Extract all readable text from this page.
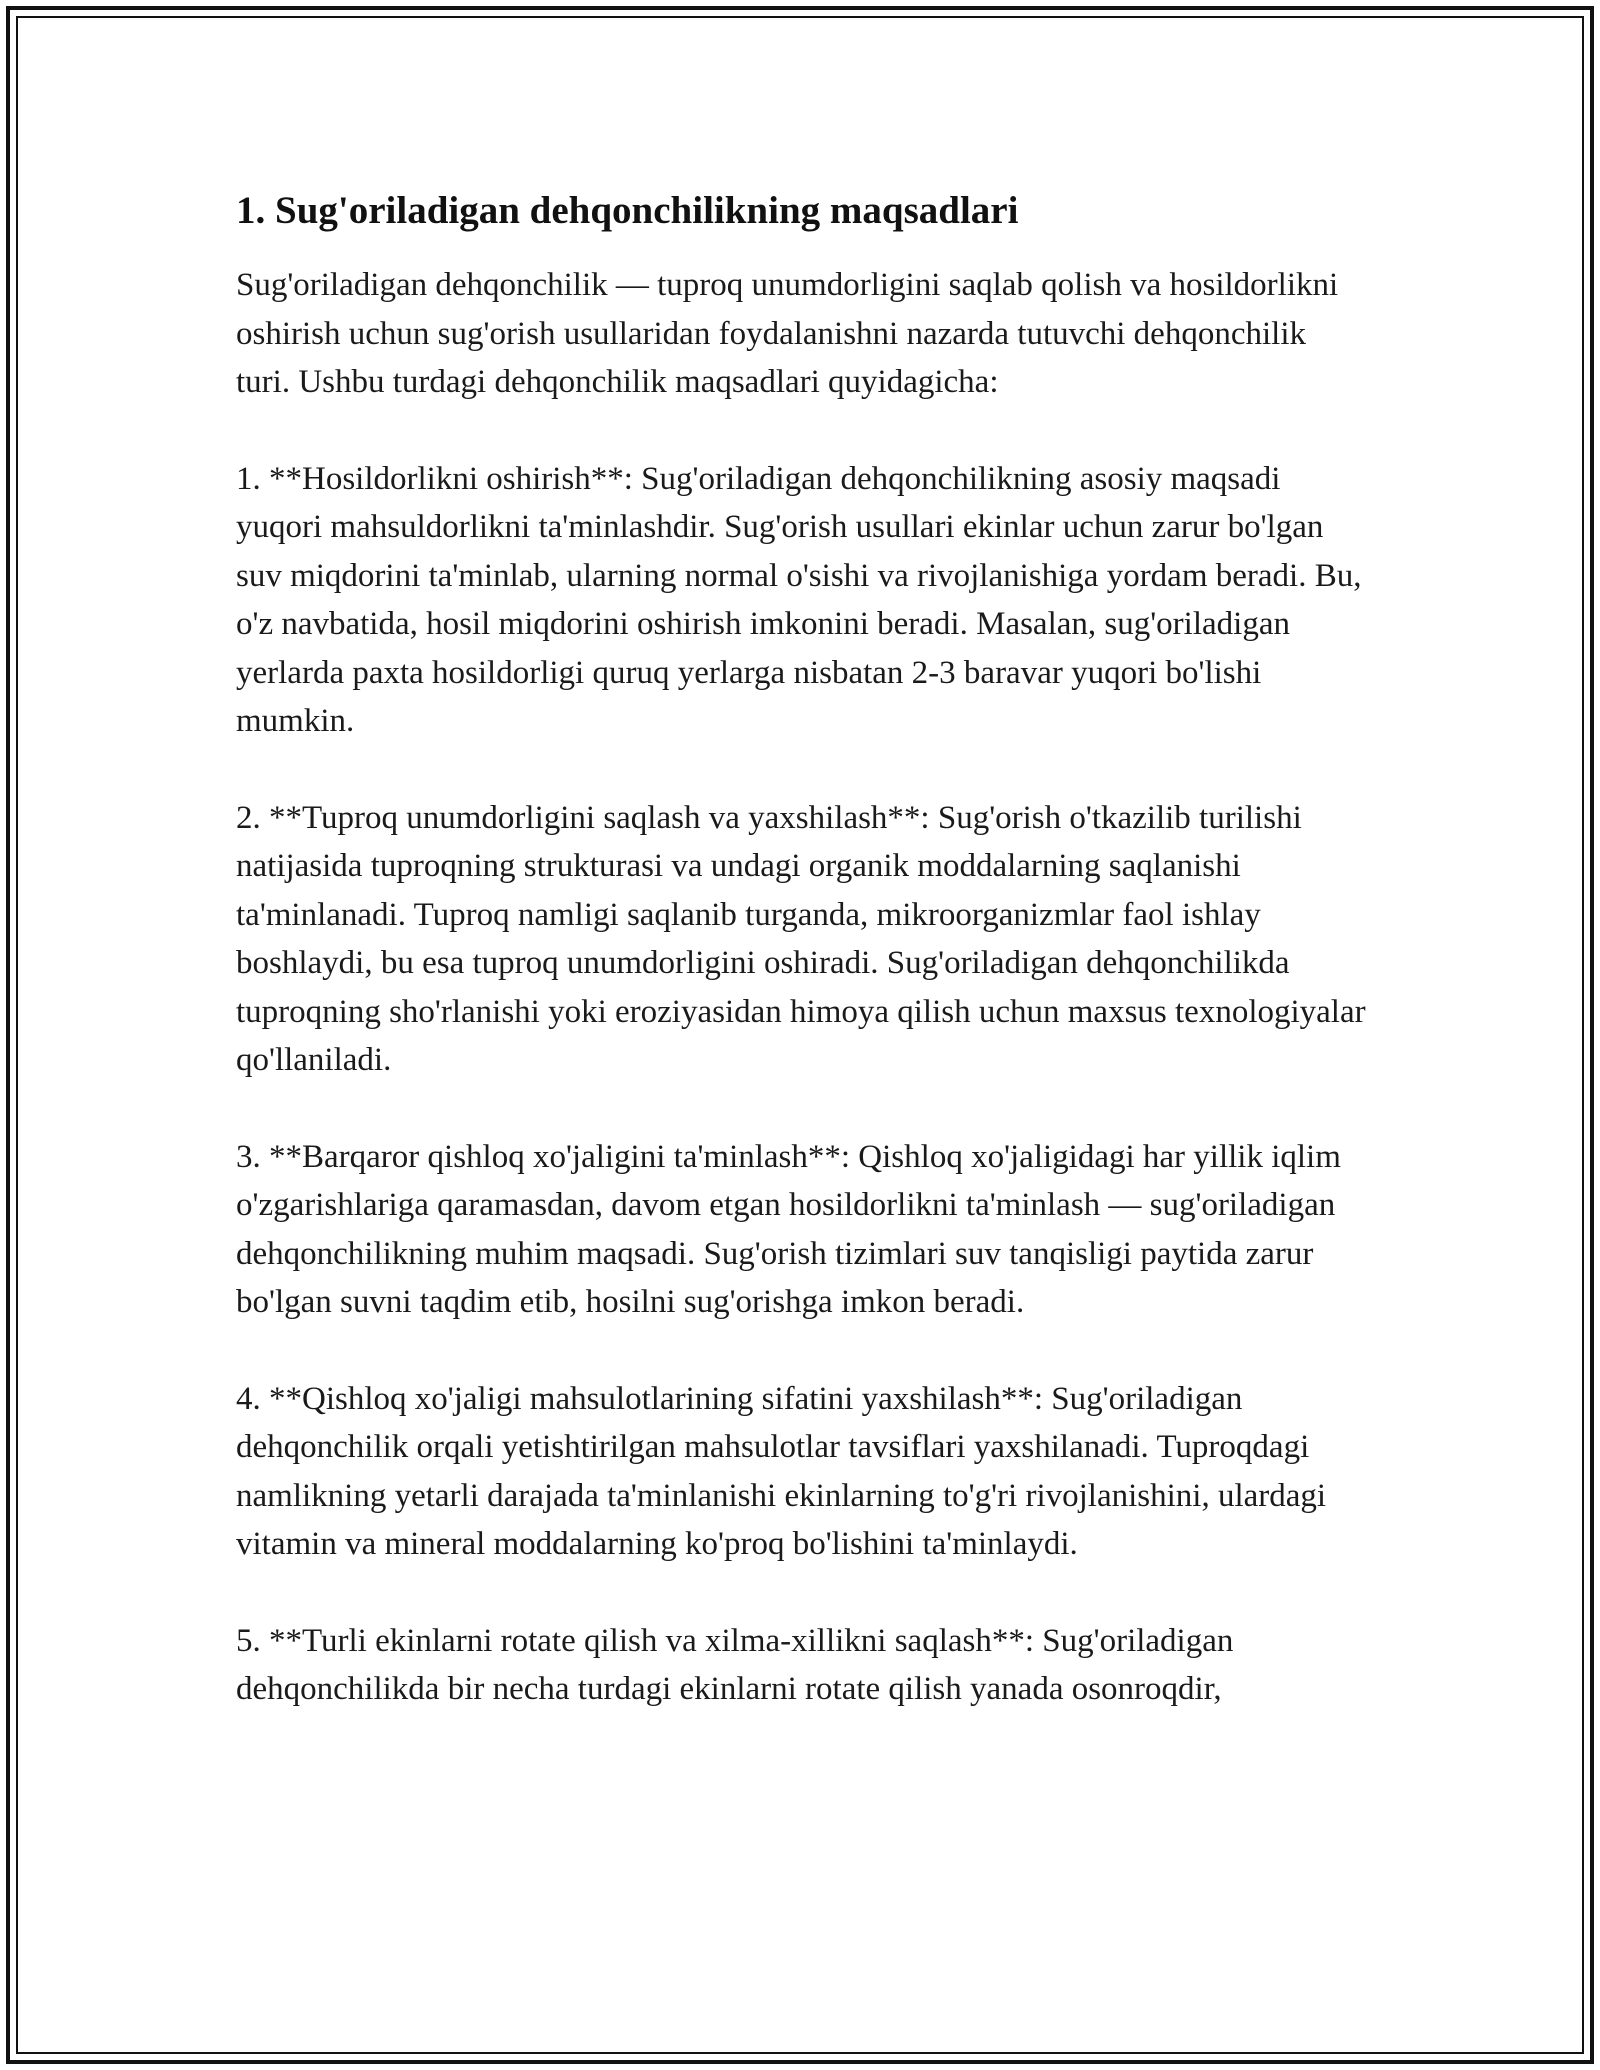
1. Sug'oriladigan dehqonchilikning maqsadlari

Sug'oriladigan dehqonchilik — tuproq unumdorligini saqlab qolish va hosildorlikni oshirish uchun sug'orish usullaridan foydalanishni nazarda tutuvchi dehqonchilik turi. Ushbu turdagi dehqonchilik maqsadlari quyidagicha:

1. **Hosildorlikni oshirish**: Sug'oriladigan dehqonchilikning asosiy maqsadi yuqori mahsuldorlikni ta'minlashdir. Sug'orish usullari ekinlar uchun zarur bo'lgan suv miqdorini ta'minlab, ularning normal o'sishi va rivojlanishiga yordam beradi. Bu, o'z navbatida, hosil miqdorini oshirish imkonini beradi. Masalan, sug'oriladigan yerlarda paxta hosildorligi quruq yerlarga nisbatan 2-3 baravar yuqori bo'lishi mumkin.

2. **Tuproq unumdorligini saqlash va yaxshilash**: Sug'orish o'tkazilib turilishi natijasida tuproqning strukturasi va undagi organik moddalarning saqlanishi ta'minlanadi. Tuproq namligi saqlanib turganda, mikroorganizmlar faol ishlay boshlaydi, bu esa tuproq unumdorligini oshiradi. Sug'oriladigan dehqonchilikda tuproqning sho'rlanishi yoki eroziyasidan himoya qilish uchun maxsus texnologiyalar qo'llaniladi.

3. **Barqaror qishloq xo'jaligini ta'minlash**: Qishloq xo'jaligidagi har yillik iqlim o'zgarishlariga qaramasdan, davom etgan hosildorlikni ta'minlash — sug'oriladigan dehqonchilikning muhim maqsadi. Sug'orish tizimlari suv tanqisligi paytida zarur bo'lgan suvni taqdim etib, hosilni sug'orishga imkon beradi.

4. **Qishloq xo'jaligi mahsulotlarining sifatini yaxshilash**: Sug'oriladigan dehqonchilik orqali yetishtirilgan mahsulotlar tavsiflari yaxshilanadi. Tuproqdagi namlikning yetarli darajada ta'minlanishi ekinlarning to'g'ri rivojlanishini, ulardagi vitamin va mineral moddalarning ko'proq bo'lishini ta'minlaydi.

5. **Turli ekinlarni rotate qilish va xilma-xillikni saqlash**: Sug'oriladigan dehqonchilikda bir necha turdagi ekinlarni rotate qilish yanada osonroqdir,
